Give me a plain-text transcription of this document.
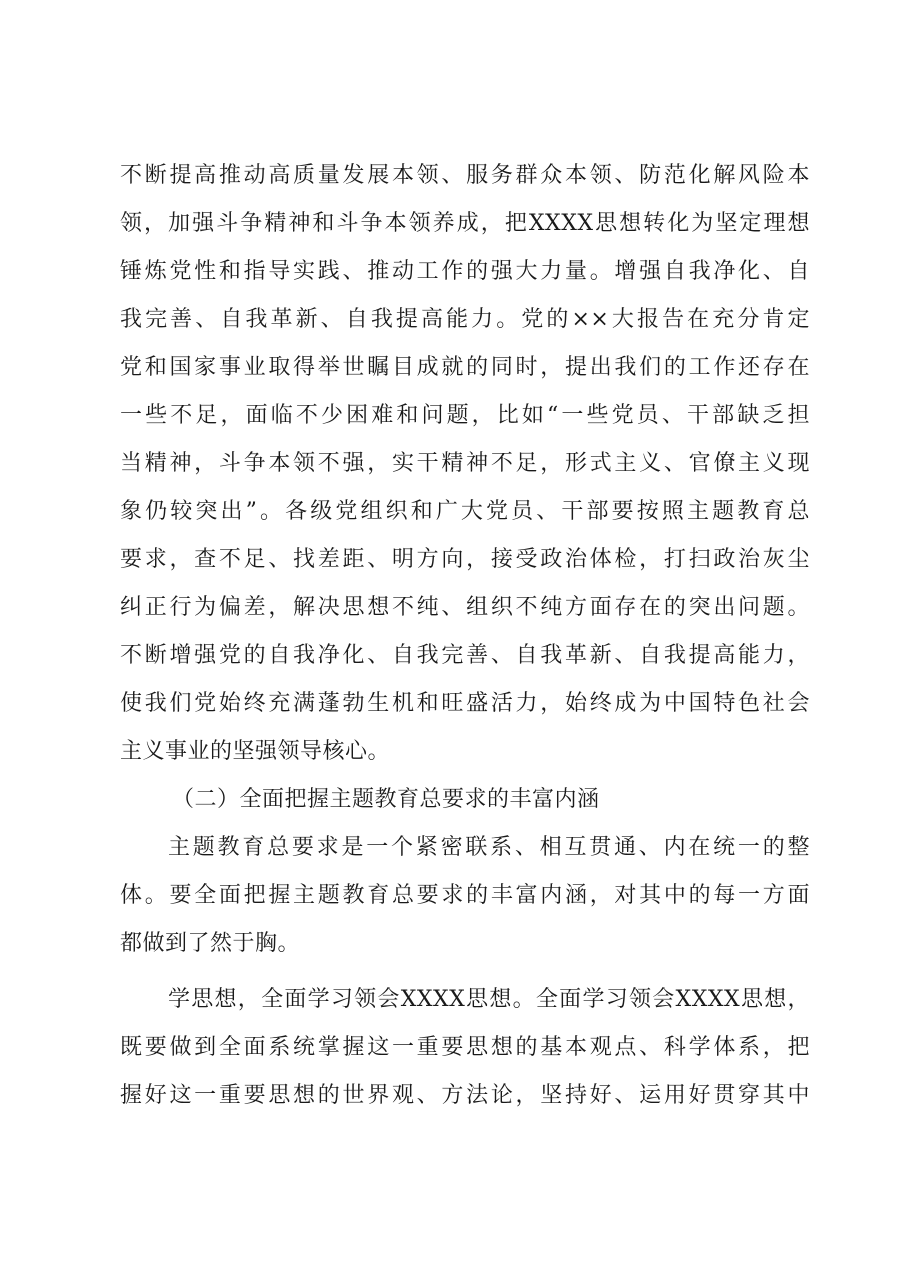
不断提高推动高质量发展本领、服务群众本领、防范化解风险本
领，加强斗争精神和斗争本领养成，把XXXX思想转化为坚定理想
锤炼党性和指导实践、推动工作的强大力量。增强自我净化、自
我完善、自我革新、自我提高能力。党的××大报告在充分肯定
党和国家事业取得举世瞩目成就的同时，提出我们的工作还存在
一些不足，面临不少困难和问题，比如“一些党员、干部缺乏担
当精神，斗争本领不强，实干精神不足，形式主义、官僚主义现
象仍较突出”。各级党组织和广大党员、干部要按照主题教育总
要求，查不足、找差距、明方向，接受政治体检，打扫政治灰尘
纠正行为偏差，解决思想不纯、组织不纯方面存在的突出问题。
不断增强党的自我净化、自我完善、自我革新、自我提高能力，
使我们党始终充满蓬勃生机和旺盛活力，始终成为中国特色社会
主义事业的坚强领导核心。
（二）全面把握主题教育总要求的丰富内涵
主题教育总要求是一个紧密联系、相互贯通、内在统一的整
体。要全面把握主题教育总要求的丰富内涵，对其中的每一方面
都做到了然于胸。
学思想，全面学习领会XXXX思想。全面学习领会XXXX思想，
既要做到全面系统掌握这一重要思想的基本观点、科学体系，把
握好这一重要思想的世界观、方法论，坚持好、运用好贯穿其中
